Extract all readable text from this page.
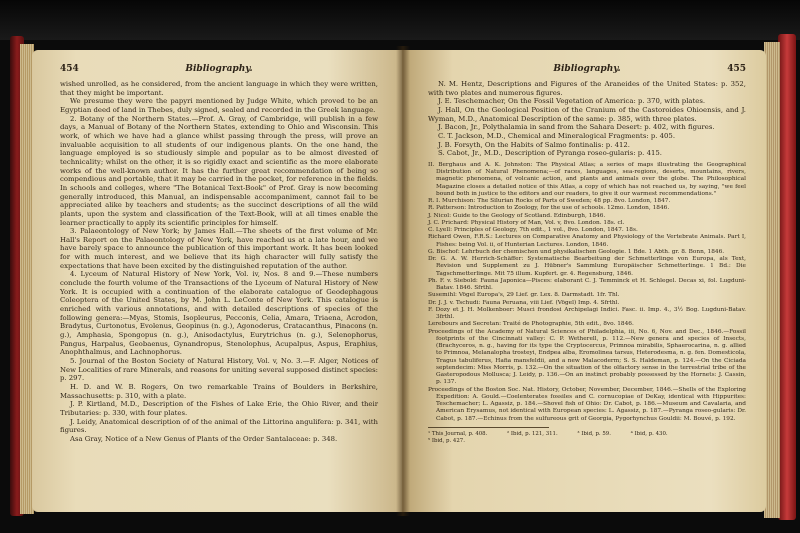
454	Bibliography.

wished unrolled, as he considered, from the ancient language in which they were written, that they might be important.

We presume they were the papyri mentioned by Judge White, which proved to be an Egyptian deed of land in Thebes, duly signed, sealed and recorded in the Greek language.

2. Botany of the Northern States.—Prof. A. Gray, of Cambridge, will publish in a few days, a Manual of Botany of the Northern States, extending to Ohio and Wisconsin. This work, of which we have had a glance whilst passing through the press, will prove an invaluable acquisition to all students of our indigenous plants. On the one hand, the language employed is so studiously simple and popular as to be almost divested of technicality; whilst on the other, it is so rigidly exact and scientific as the more elaborate works of the well-known author. It has the further great recommendation of being so compendious and portable, that it may be carried in the pocket, for reference in the fields. In schools and colleges, where "The Botanical Text-Book" of Prof. Gray is now becoming generally introduced, this Manual, an indispensable accompaniment, cannot fail to be appreciated alike by teachers and students; as the succinct descriptions of all the wild plants, upon the system and classification of the Text-Book, will at all times enable the learner practically to apply its scientific principles for himself.

3. Palaeontology of New York; by James Hall.—The sheets of the first volume of Mr. Hall's Report on the Palaeontology of New York, have reached us at a late hour, and we have barely space to announce the publication of this important work. It has been looked for with much interest, and we believe that its high character will fully satisfy the expectations that have been excited by the distinguished reputation of the author.

4. Lyceum of Natural History of New York, Vol. iv, Nos. 8 and 9.—These numbers conclude the fourth volume of the Transactions of the Lyceum of Natural History of New York. It is occupied with a continuation of the elaborate catalogue of Geodephagous Coleoptera of the United States, by M. John L. LeConte of New York. This catalogue is enriched with various annotations, and with detailed descriptions of species of the following genera:—Myas, Stomis, Isopleurus, Pecconis, Celia, Amara, Triaena, Acrodon, Bradytus, Curtonotus, Evolenus, Geopinus (n. g.), Agonoderus, Cratacanthus, Pinacons (n. g.), Amphasia, Spongopus (n. g.), Anisodactylus, Eurytrichus (n. g.), Selenophorus, Pangus, Harpalus, Geobaenus, Gynandropus, Stenolophus, Acupalpus, Aspus, Eraphius, Anophthalmus, and Lachnophorus.

5. Journal of the Boston Society of Natural History, Vol. v, No. 3.—F. Alger, Notices of New Localities of rare Minerals, and reasons for uniting several supposed distinct species: p. 297.

H. D. and W. B. Rogers, On two remarkable Trains of Boulders in Berkshire, Massachusetts: p. 310, with a plate.

J. P. Kirtland, M.D., Description of the Fishes of Lake Erie, the Ohio River, and their Tributaries: p. 330, with four plates.

J. Leidy, Anatomical description of of the animal of the Littorina angulifera: p. 341, with figures.

Asa Gray, Notice of a New Genus of Plants of the Order Santalaceae: p. 348.

Bibliography.	455

N. M. Hentz, Descriptions and Figures of the Araneides of the United States: p. 352, with two plates and numerous figures.

J. E. Teschemacher, On the Fossil Vegetation of America: p. 370, with plates.

J. Hall, On the Geological Position of the Cranium of the Castoroides Ohioensis, and J. Wyman, M.D., Anatomical Description of the same: p. 385, with three plates.

J. Bacon, Jr., Polythalamia in sand from the Sahara Desert: p. 402, with figures.

C. T. Jackson, M.D., Chemical and Mineralogical Fragments: p. 405.

J. B. Forsyth, On the Habits of Salmo fontinalis: p. 412.

S. Cabot, Jr., M.D., Description of Pyranga roseo-gularis: p. 415.

II. Berghaus and A. K. Johnston: The Physical Atlas; a series of maps illustrating the Geographical Distribution of Natural Phenomena;—of races, languages, sea-regions, deserts, mountains, rivers, magnetic phenomena, of volcanic action, and plants and animals over the globe. The Philosophical Magazine closes a detailed notice of this Atlas, a copy of which has not reached us, by saying, "we feel bound both in justice to the editors and our readers, to give it our warmest recommendations."

R. I. Murchison: The Silurian Rocks of Parts of Sweden; 48 pp. 8vo. London, 1847.

R. Patterson: Introduction to Zoology, for the use of schools. 12mo. London, 1846.

J. Nicol: Guide to the Geology of Scotland. Edinburgh, 1846.

J. C. Prichard: Physical History of Man, Vol. v, 8vo. London. 18s. cl.

C. Lyell: Principles of Geology, 7th edit., 1 vol., 8vo. London, 1847. 18s.

Richard Owen, F.R.S.: Lectures on Comparative Anatomy and Physiology of the Vertebrate Animals. Part I, Fishes: being Vol. ii, of Hunterian Lectures. London, 1846.

G. Bischof: Lehrbuch der chemischen und physikalischen Geologie. 1 Bde. 1 Abth. gr. 8. Bonn, 1846.

Dr. G. A. W. Herrich-Schäffer: Systematische Bearbeitung der Schmetterlinge von Europa, als Text, Revision und Supplement zu J. Hübner's Sammlung Europäischer Schmetterlinge. 1 Bd.: Die Tagschmetterlinge. Mit 75 illum. Kupfert. gr. 4. Regensburg, 1846.

Ph. F. v. Siebold: Fauna Japonica—Pisces: elaborant C. J. Temminck et H. Schlegel. Decas xi, fol. Lugduni-Batav. 1846. Sfrthl.

Susemihl: Vögel Europa's, 29 Lief. gr. Lex. 8. Darmstadt. 1fr. Thl.

Dr. J. J. v. Tschudi: Fauna Peruana, viii Lief. (Vögel) Imp. 4. Sfrthl.

F. Dozy et J. H. Molkenboer: Musci frondosi Archipelagi Indici. Fasc. ii. Imp. 4., 3½ Bog. Lugduni-Batav. 3frthl.

Lerebours and Secretan: Traité de Photographie, 5th edit., 8vo. 1846.

Proceedings of the Academy of Natural Sciences of Philadelphia, iii, No. 6, Nov. and Dec., 1846.—Fossil footprints of the Cincinnati valley: C. P. Wetherell, p. 112.—New genera and species of Insects, (Brachyceros, n. g., having for its type the Cryptocercus, Primnoa mirabilis, Sphaerocarina, n. g. allied to Primnoa, Melanalopha trosteyi, Endpea alba, Eromolinea tarsus, Heterodesma, n. g. fen. Domesticola, Tragus tabuliferus, Hafia mansfeldii, and a new Malacoderm; S. S. Haldeman, p. 124.—On the Ciciada septendecim: Miss Morris, p. 132.—On the situation of the olfactory sense in the terrestrial tribe of the Gasteropodous Mollusca; J. Leidy, p. 136.—On an instinct probably possessed by the Hornets: J. Cassin, p. 137.

Proceedings of the Boston Soc. Nat. History, October, November, December, 1846.—Shells of the Exploring Expedition: A. Gould.—Coelenterates fossiles and C. cornucopiae of DeKay, identical with Hippurites: Teschemacher; L. Agassiz, p. 184.—Shovel fish of Ohio: Dr. Cabot, p. 186.—Museum and Cavalaria, and American Erysamus, not identical with European species: L. Agassiz, p. 187.—Pyranga roseo-gularis: Dr. Cabot, p. 187.—Echinus from the sulfureous grit of Georgia, Pygorhynchus Gouldii: M. Bouvé, p. 192.

¹ This Journal, p. 408.	² Ibid, p. 121, 311.	³ Ibid, p. 59.	⁴ Ibid, p. 430.
⁵ Ibid, p. 427.
